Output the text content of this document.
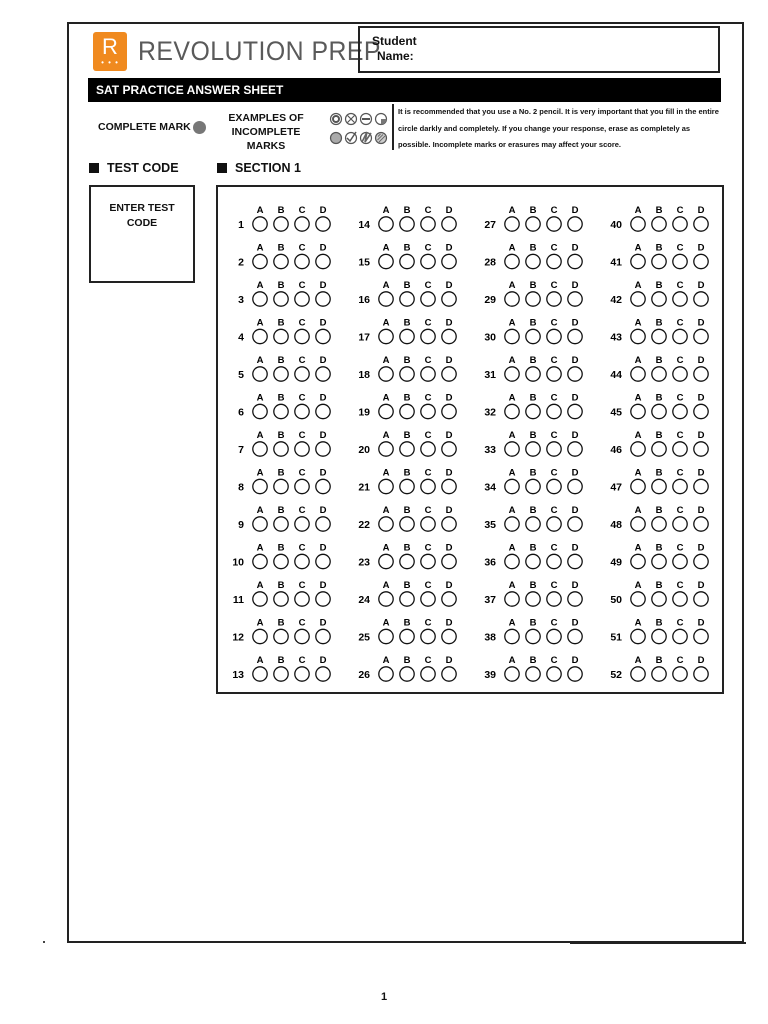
R
• • • REVOLUTION PREP
Student
Name:
SAT PRACTICE ANSWER SHEET
COMPLETE MARK
EXAMPLES OF
INCOMPLETE MARKS
It is recommended that you use a No. 2 pencil. It is very important that you fill in the entire circle darkly and completely. If you change your response, erase as completely as possible. Incomplete marks or erasures may affect your score.
TEST CODE	SECTION 1
ENTER TEST CODE	1
A B C D
2
A B C D
3
A B C D
4
A B C D
5
A B C D
6
A B C D
7
A B C D
8
A B C D
9
A B C D
10
A B C D
11
A B C D
12
A B C D
13
A B C D
14
A B C D
15
A B C D
16
A B C D
17
A B C D
18
A B C D
19
A B C D
20
A B C D
21
A B C D
22
A B C D
23
A B C D
24
A B C D
25
A B C D
26
A B C D
27
A B C D
28
A B C D
29
A B C D
30
A B C D
31
A B C D
32
A B C D
33
A B C D
34
A B C D
35
A B C D
36
A B C D
37
A B C D
38
A B C D
39
A B C D
40
A B C D
41
A B C D
42
A B C D
43
A B C D
44
A B C D
45
A B C D
46
A B C D
47
A B C D
48
A B C D
49
A B C D
50
A B C D
51
A B C D
52
A B C D
1
